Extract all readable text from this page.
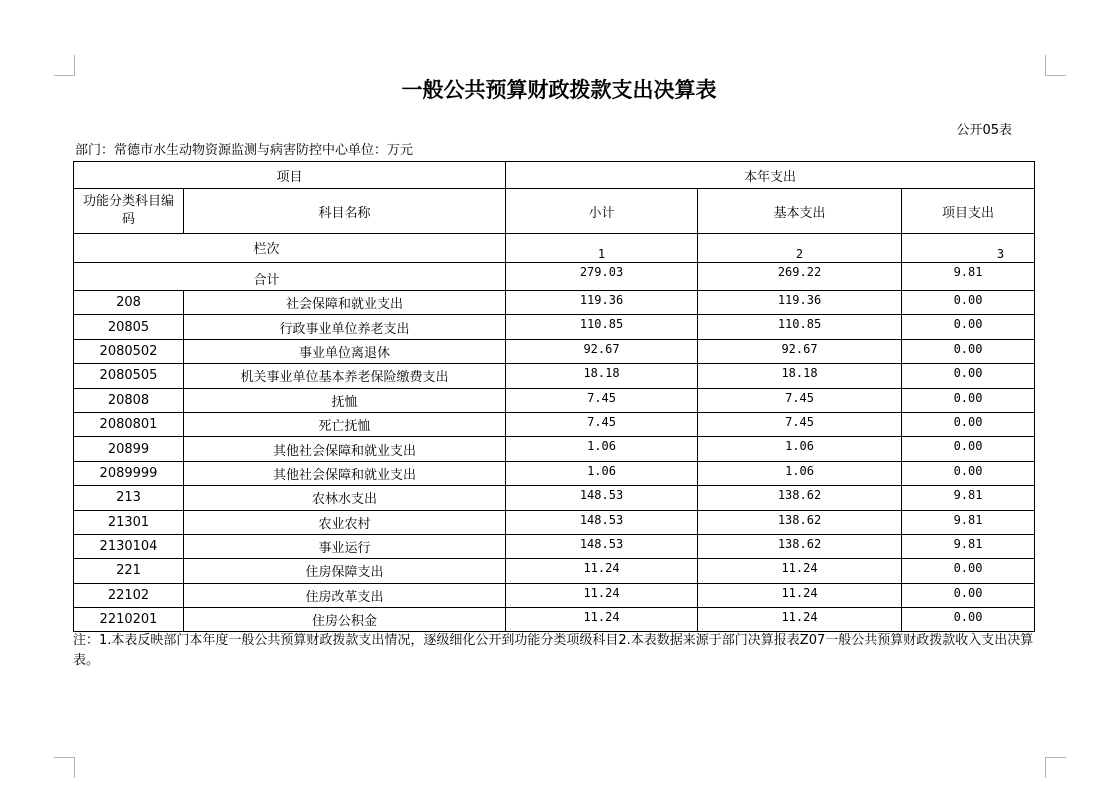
一般公共预算财政拨款支出决算表
公开05表
部门：常德市水生动物资源监测与病害防控中心单位：万元
项目		本年支出		
功能分类科目编码	科目名称	小计	基本支出	项目支出
栏次		1	2	3
合计		279.03	269.22	9.81
208	社会保障和就业支出	119.36	119.36	0.00
20805	行政事业单位养老支出	110.85	110.85	0.00
2080502	事业单位离退休	92.67	92.67	0.00
2080505	机关事业单位基本养老保险缴费支出	18.18	18.18	0.00
20808	抚恤	7.45	7.45	0.00
2080801	死亡抚恤	7.45	7.45	0.00
20899	其他社会保障和就业支出	1.06	1.06	0.00
2089999	其他社会保障和就业支出	1.06	1.06	0.00
213	农林水支出	148.53	138.62	9.81
21301	农业农村	148.53	138.62	9.81
2130104	事业运行	148.53	138.62	9.81
221	住房保障支出	11.24	11.24	0.00
22102	住房改革支出	11.24	11.24	0.00
2210201	住房公积金	11.24	11.24	0.00
注：1.本表反映部门本年度一般公共预算财政拨款支出情况，逐级细化公开到功能分类项级科目2.本表数据来源于部门决算报表Z07一般公共预算财政拨款收入支出决算表。
